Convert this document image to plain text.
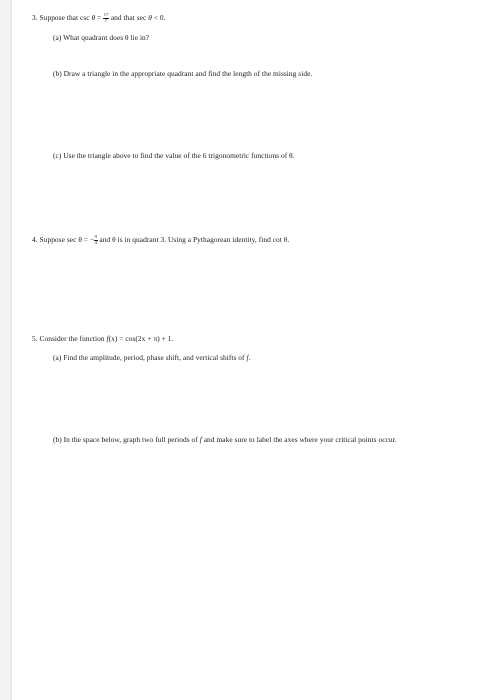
3. Suppose that $\csc \theta = \frac{17}{7}$ and that sec θ < 0.
(a) What quadrant does θ lie in?
(b) Draw a triangle in the appropriate quadrant and find the length of the missing side.
(c) Use the triangle above to find the value of the 6 trigonometric functions of θ.
4. Suppose sec θ = − $\frac{9}{4}$ and θ is in quadrant 3. Using a Pythagorean identity, find cot θ.
5. Consider the function f(x) = cos(2x + π) + 1.
(a) Find the amplitude, period, phase shift, and vertical shifts of f.
(b) In the space below, graph two full periods of f and make sure to label the axes where your critical points occur.
